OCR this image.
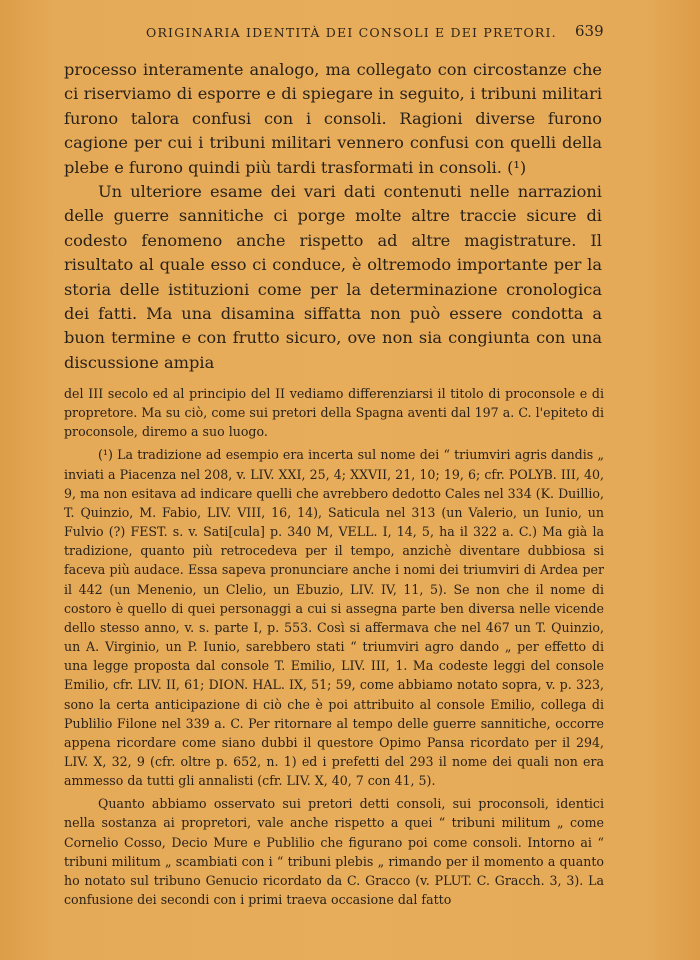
ORIGINARIA IDENTITÀ DEI CONSOLI E DEI PRETORI. 639

processo interamente analogo, ma collegato con circostanze che ci riserviamo di esporre e di spiegare in seguito, i tribuni militari furono talora confusi con i consoli. Ragioni diverse furono cagione per cui i tribuni militari vennero confusi con quelli della plebe e furono quindi più tardi trasformati in consoli. (¹)

Un ulteriore esame dei vari dati contenuti nelle narrazioni delle guerre sannitiche ci porge molte altre traccie sicure di codesto fenomeno anche rispetto ad altre magistrature. Il risultato al quale esso ci conduce, è oltremodo importante per la storia delle istituzioni come per la determinazione cronologica dei fatti. Ma una disamina siffatta non può essere condotta a buon termine e con frutto sicuro, ove non sia congiunta con una discussione ampia

del III secolo ed al principio del II vediamo differenziarsi il titolo di proconsole e di propretore. Ma su ciò, come sui pretori della Spagna aventi dal 197 a. C. l'epiteto di proconsole, diremo a suo luogo.

(¹) La tradizione ad esempio era incerta sul nome dei “ triumviri agris dandis „ inviati a Piacenza nel 208, v. LIV. XXI, 25, 4; XXVII, 21, 10; 19, 6; cfr. POLYB. III, 40, 9, ma non esitava ad indicare quelli che avrebbero dedotto Cales nel 334 (K. Duillio, T. Quinzio, M. Fabio, LIV. VIII, 16, 14), Saticula nel 313 (un Valerio, un Iunio, un Fulvio (?) FEST. s. v. Sati[cula] p. 340 M, VELL. I, 14, 5, ha il 322 a. C.) Ma già la tradizione, quanto più retrocedeva per il tempo, anzichè diventare dubbiosa si faceva più audace. Essa sapeva pronunciare anche i nomi dei triumviri di Ardea per il 442 (un Menenio, un Clelio, un Ebuzio, LIV. IV, 11, 5). Se non che il nome di costoro è quello di quei personaggi a cui si assegna parte ben diversa nelle vicende dello stesso anno, v. s. parte I, p. 553. Così si affermava che nel 467 un T. Quinzio, un A. Virginio, un P. Iunio, sarebbero stati “ triumviri agro dando „ per effetto di una legge proposta dal console T. Emilio, LIV. III, 1. Ma codeste leggi del console Emilio, cfr. LIV. II, 61; DION. HAL. IX, 51; 59, come abbiamo notato sopra, v. p. 323, sono la certa anticipazione di ciò che è poi attribuito al console Emilio, collega di Publilio Filone nel 339 a. C. Per ritornare al tempo delle guerre sannitiche, occorre appena ricordare come siano dubbi il questore Opimo Pansa ricordato per il 294, LIV. X, 32, 9 (cfr. oltre p. 652, n. 1) ed i prefetti del 293 il nome dei quali non era ammesso da tutti gli annalisti (cfr. LIV. X, 40, 7 con 41, 5).

Quanto abbiamo osservato sui pretori detti consoli, sui proconsoli, identici nella sostanza ai propretori, vale anche rispetto a quei “ tribuni militum „ come Cornelio Cosso, Decio Mure e Publilio che figurano poi come consoli. Intorno ai “ tribuni militum „ scambiati con i “ tribuni plebis „ rimando per il momento a quanto ho notato sul tribuno Genucio ricordato da C. Gracco (v. PLUT. C. Gracch. 3, 3). La confusione dei secondi con i primi traeva occasione dal fatto
